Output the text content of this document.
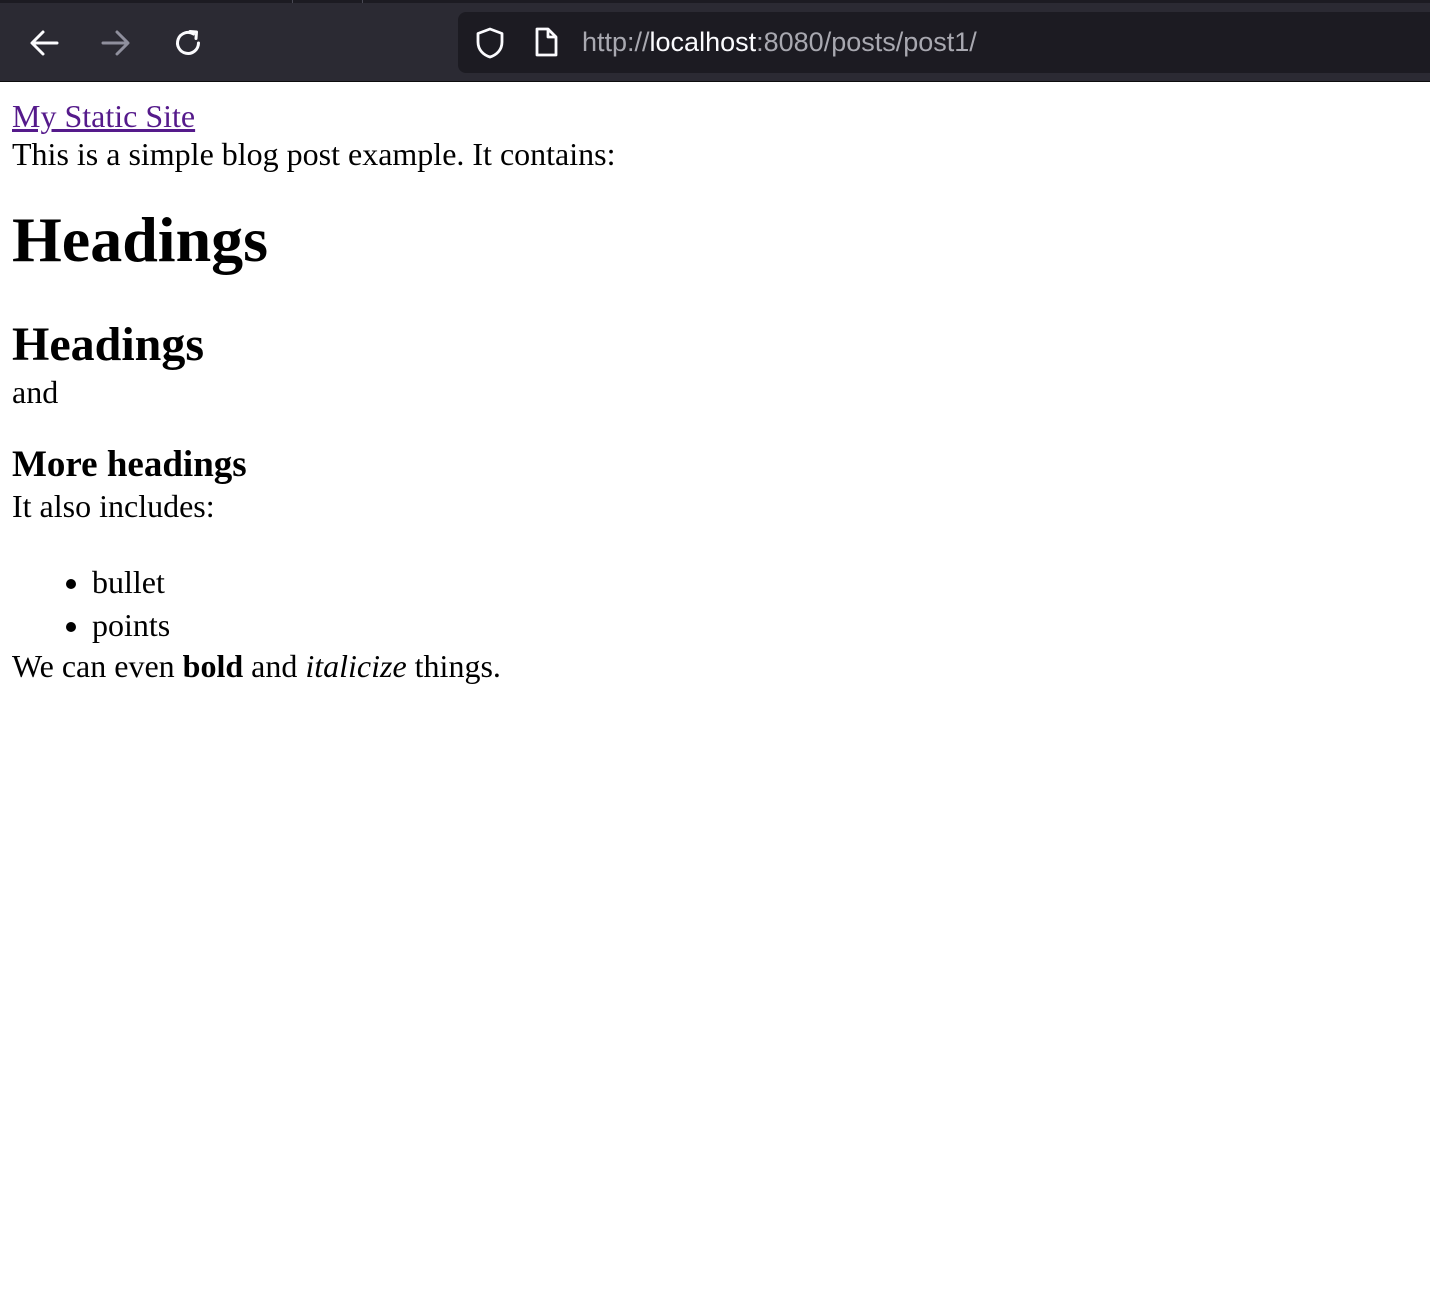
http://localhost:8080/posts/post1/
My Static Site

This is a simple blog post example. It contains:

Headings
Headings

and

More headings

It also includes:

• bullet
• points

We can even bold and italicize things.
